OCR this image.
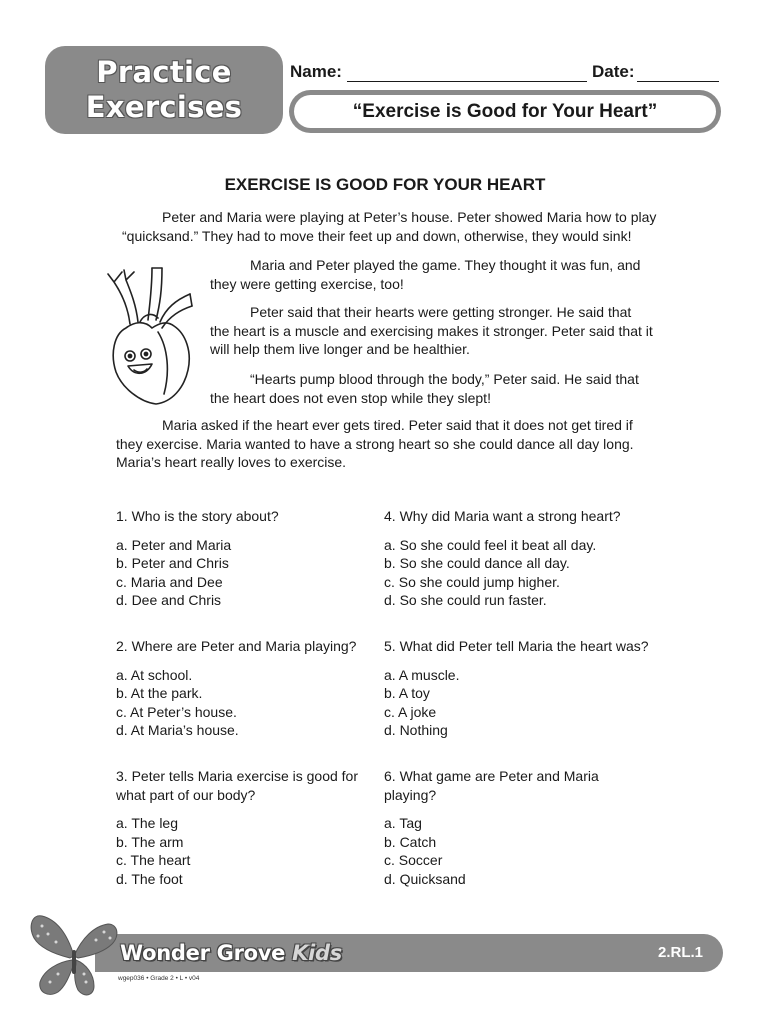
Practice
Exercises
Name:	Date:
“Exercise is Good for Your Heart”
EXERCISE IS GOOD FOR YOUR HEART

Peter and Maria were playing at Peter’s house. Peter showed Maria how to play

“quicksand.” They had to move their feet up and down, otherwise, they would sink!

Maria and Peter played the game. They thought it was fun, and

they were getting exercise, too!

Peter said that their hearts were getting stronger. He said that

the heart is a muscle and exercising makes it stronger. Peter said that it

will help them live longer and be healthier.

“Hearts pump blood through the body,” Peter said. He said that

the heart does not even stop while they slept!

Maria asked if the heart ever gets tired. Peter said that it does not get tired if

they exercise. Maria wanted to have a strong heart so she could dance all day long.

Maria’s heart really loves to exercise.

1. Who is the story about?

a. Peter and Maria

b. Peter and Chris

c. Maria and Dee

d. Dee and Chris

2. Where are Peter and Maria playing?

a. At school.

b. At the park.

c. At Peter’s house.

d. At Maria’s house.

3. Peter tells Maria exercise is good for

what part of our body?

a. The leg

b. The arm

c. The heart

d. The foot

4. Why did Maria want a strong heart?

a. So she could feel it beat all day.

b. So she could dance all day.

c. So she could jump higher.

d. So she could run faster.

5. What did Peter tell Maria the heart was?

a. A muscle.

b. A toy

c. A joke

d. Nothing

6. What game are Peter and Maria

playing?

a. Tag

b. Catch

c. Soccer

d. Quicksand

2.RL.1
Wonder Grove Kids
wgep036 • Grade 2 • L • v04
